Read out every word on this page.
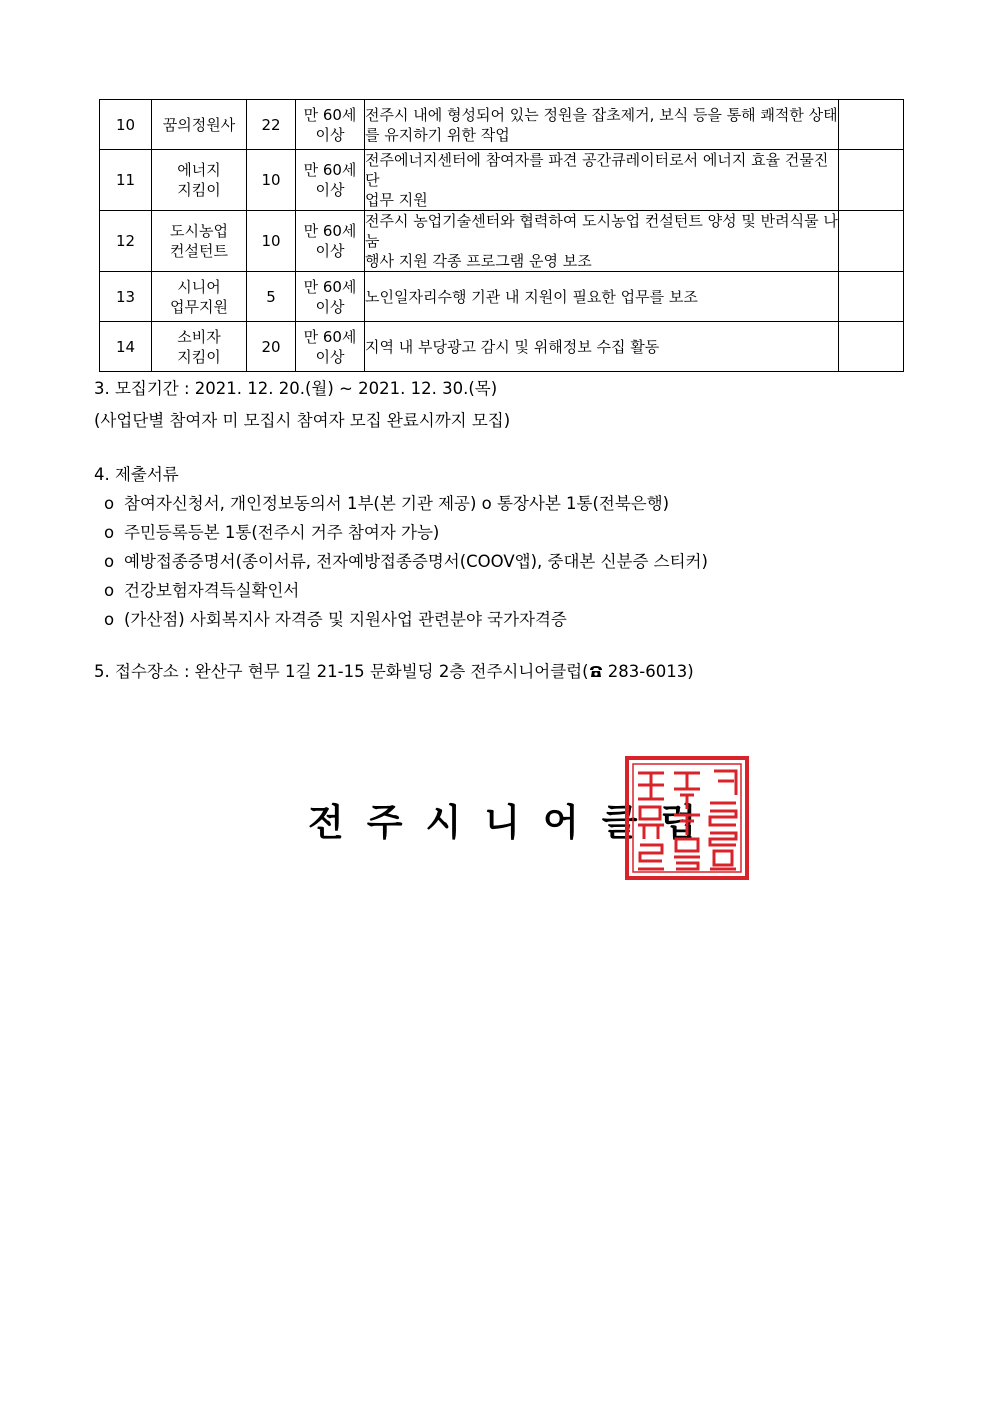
10	꿈의정원사	22	만 60세
이상	전주시 내에 형성되어 있는 정원을 잡초제거, 보식 등을 통해 쾌적한 상태
를 유지하기 위한 작업	

11	에너지
지킴이	10	만 60세
이상	전주에너지센터에 참여자를 파견 공간큐레이터로서 에너지 효율 건물진단
업무 지원	

12	도시농업
컨설턴트	10	만 60세
이상	전주시 농업기술센터와 협력하여 도시농업 컨설턴트 양성 및 반려식물 나눔
행사 지원 각종 프로그램 운영 보조	

13	시니어
업무지원	5	만 60세
이상	노인일자리수행 기관 내 지원이 필요한 업무를 보조	

14	소비자
지킴이	20	만 60세
이상	지역 내 부당광고 감시 및 위해정보 수집 활동	

3. 모집기간 : 2021. 12. 20.(월) ~ 2021. 12. 30.(목)
(사업단별 참여자 미 모집시 참여자 모집 완료시까지 모집)
4. 제출서류
o 참여자신청서, 개인정보동의서 1부(본 기관 제공) o 통장사본 1통(전북은행)
o 주민등록등본 1통(전주시 거주 참여자 가능)
o 예방접종증명서(종이서류, 전자예방접종증명서(COOV앱), 중대본 신분증 스티커)
o 건강보험자격득실확인서
o (가산점) 사회복지사 자격증 및 지원사업 관련분야 국가자격증
5. 접수장소 : 완산구 현무 1길 21-15 문화빌딩 2층 전주시니어클럽( 283-6013)
전주시니어클럽
